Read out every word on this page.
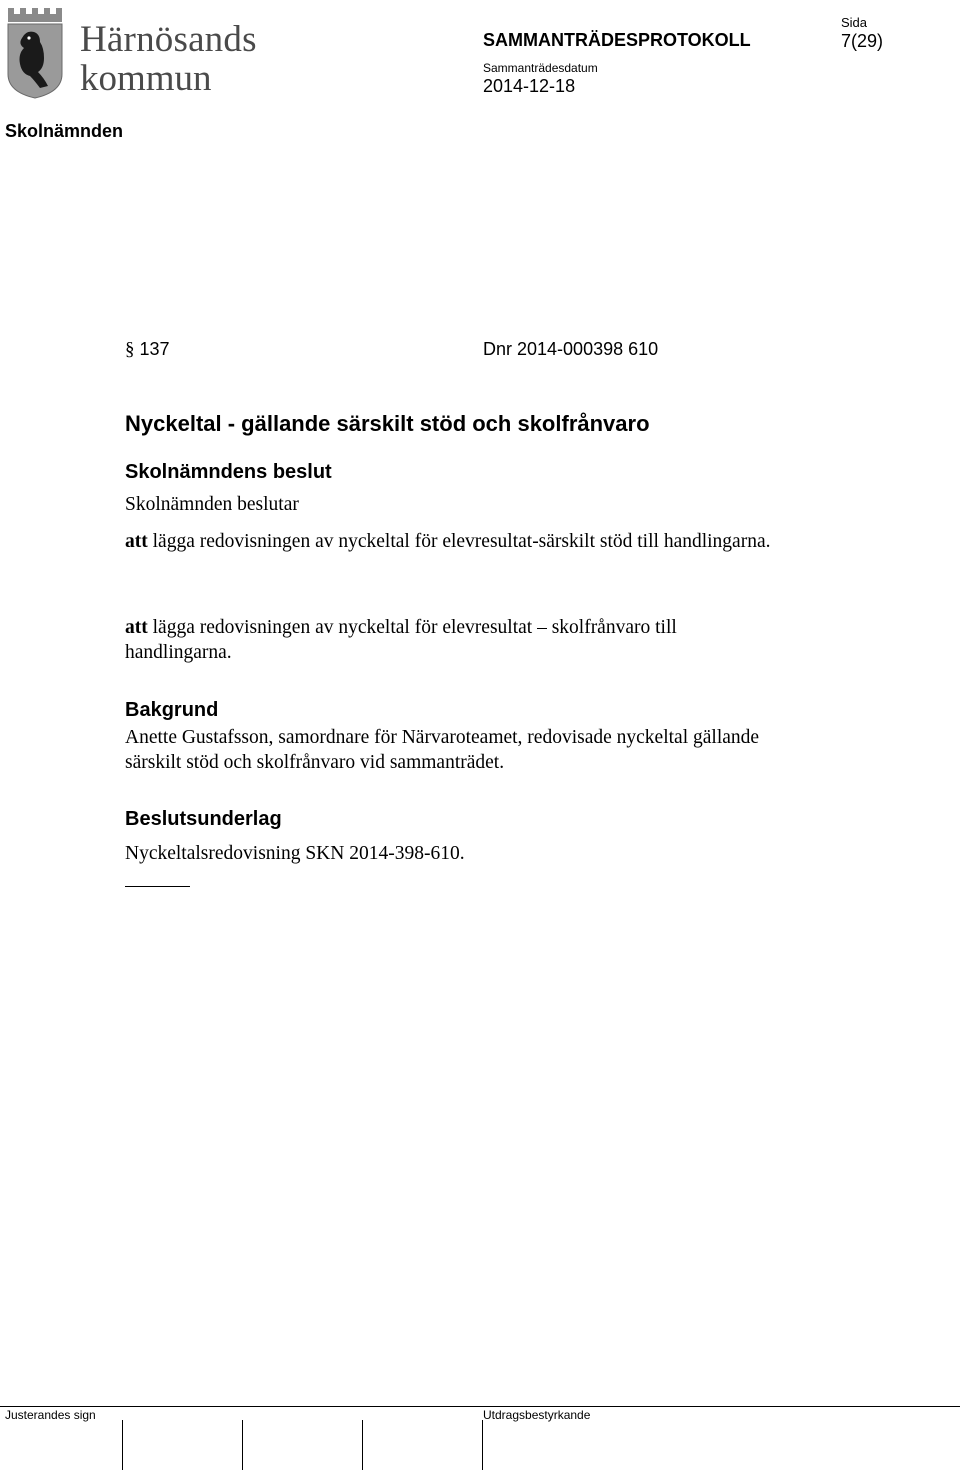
Härnösands
kommun
SAMMANTRÄDESPROTOKOLL
Sammanträdesdatum
2014-12-18
Sida
7(29)
Skolnämnden
§ 137	Dnr 2014-000398 610
Nyckeltal - gällande särskilt stöd och skolfrånvaro
Skolnämndens beslut
Skolnämnden beslutar
att lägga redovisningen av nyckeltal för elevresultat-särskilt stöd till handlingarna.
att lägga redovisningen av nyckeltal för elevresultat – skolfrånvaro till handlingarna.
Bakgrund
Anette Gustafsson, samordnare för Närvaroteamet, redovisade nyckeltal gällande särskilt stöd och skolfrånvaro vid sammanträdet.
Beslutsunderlag
Nyckeltalsredovisning SKN 2014-398-610.
Justerandes sign	Utdragsbestyrkande
